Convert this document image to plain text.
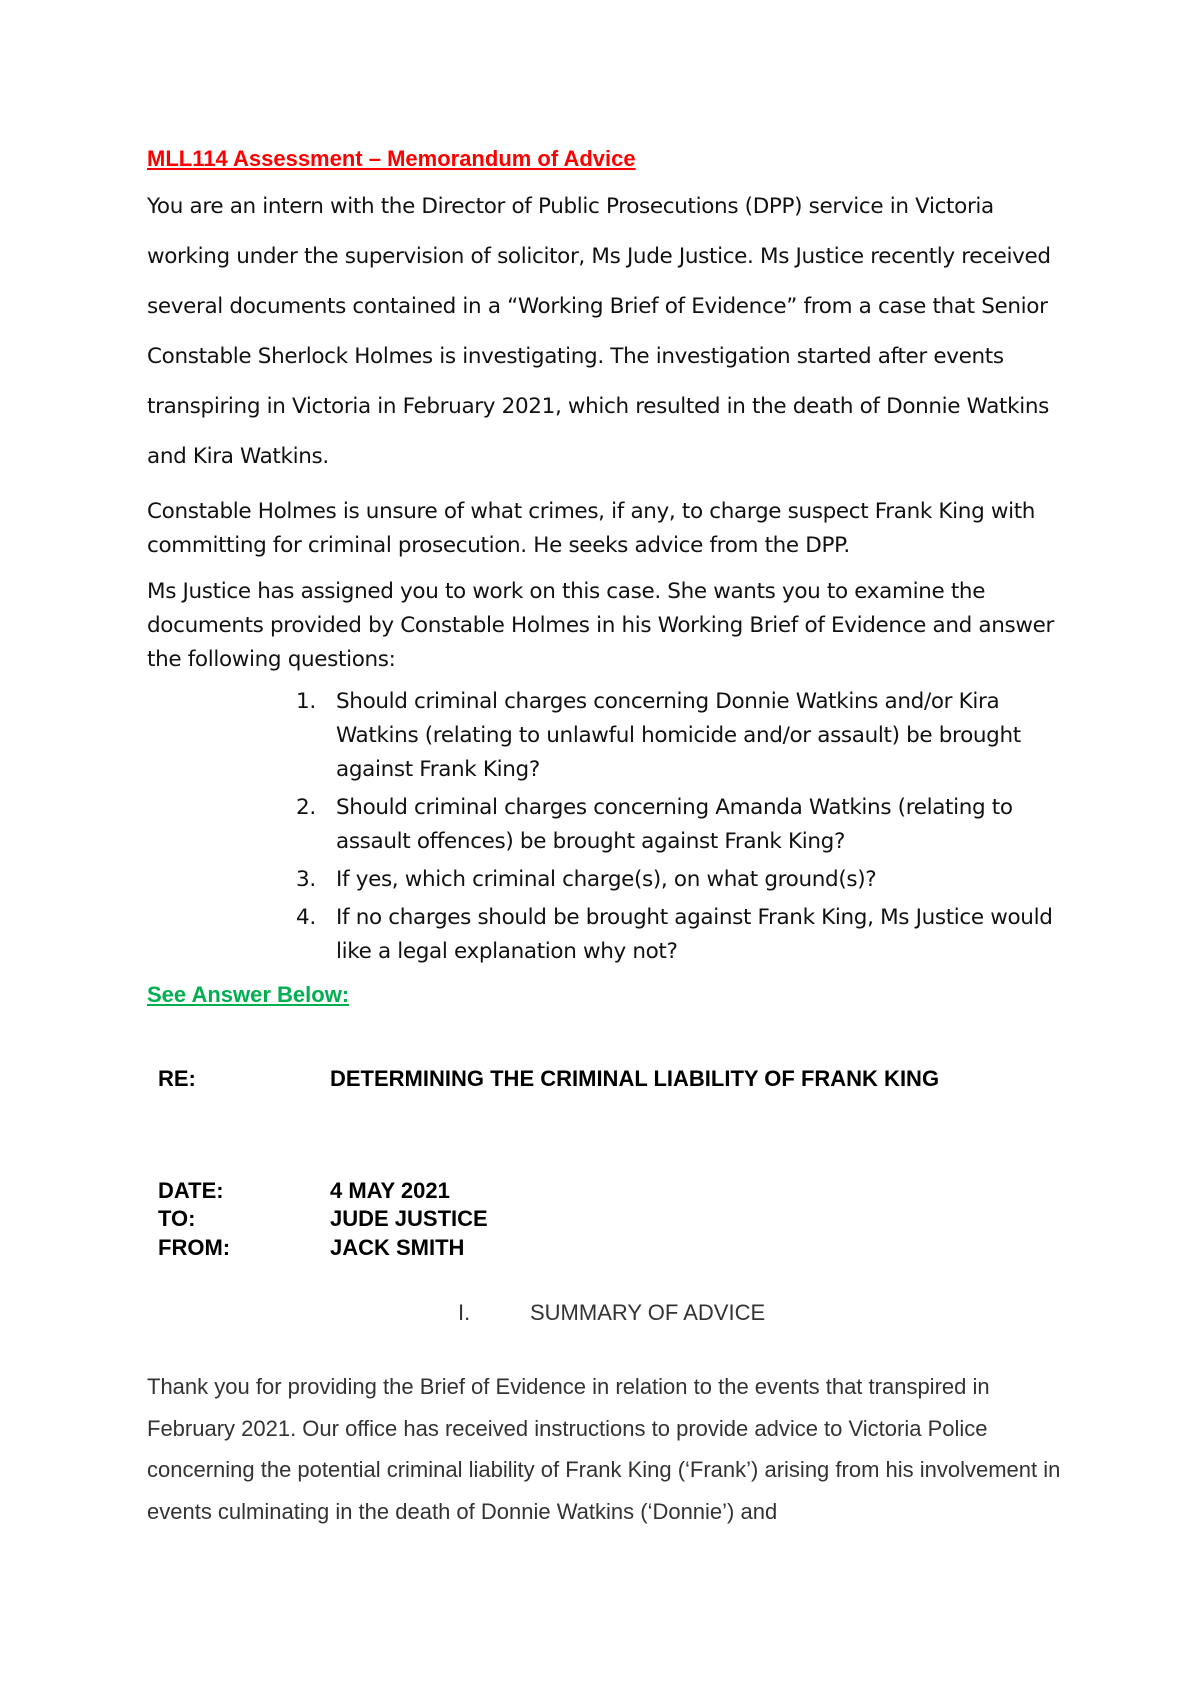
MLL114 Assessment – Memorandum of Advice

You are an intern with the Director of Public Prosecutions (DPP) service in Victoria working under the supervision of solicitor, Ms Jude Justice. Ms Justice recently received several documents contained in a “Working Brief of Evidence” from a case that Senior Constable Sherlock Holmes is investigating. The investigation started after events transpiring in Victoria in February 2021, which resulted in the death of Donnie Watkins and Kira Watkins.

Constable Holmes is unsure of what crimes, if any, to charge suspect Frank King with committing for criminal prosecution. He seeks advice from the DPP.

Ms Justice has assigned you to work on this case. She wants you to examine the documents provided by Constable Holmes in his Working Brief of Evidence and answer the following questions:

1. Should criminal charges concerning Donnie Watkins and/or Kira Watkins (relating to unlawful homicide and/or assault) be brought against Frank King?
2. Should criminal charges concerning Amanda Watkins (relating to assault offences) be brought against Frank King?
3. If yes, which criminal charge(s), on what ground(s)?
4. If no charges should be brought against Frank King, Ms Justice would like a legal explanation why not?

See Answer Below:

RE:	DETERMINING THE CRIMINAL LIABILITY OF FRANK KING
DATE:	4 MAY 2021
TO:	JUDE JUSTICE
FROM:	JACK SMITH
I.	SUMMARY OF ADVICE

Thank you for providing the Brief of Evidence in relation to the events that transpired in February 2021. Our office has received instructions to provide advice to Victoria Police concerning the potential criminal liability of Frank King (‘Frank’) arising from his involvement in events culminating in the death of Donnie Watkins (‘Donnie’) and
